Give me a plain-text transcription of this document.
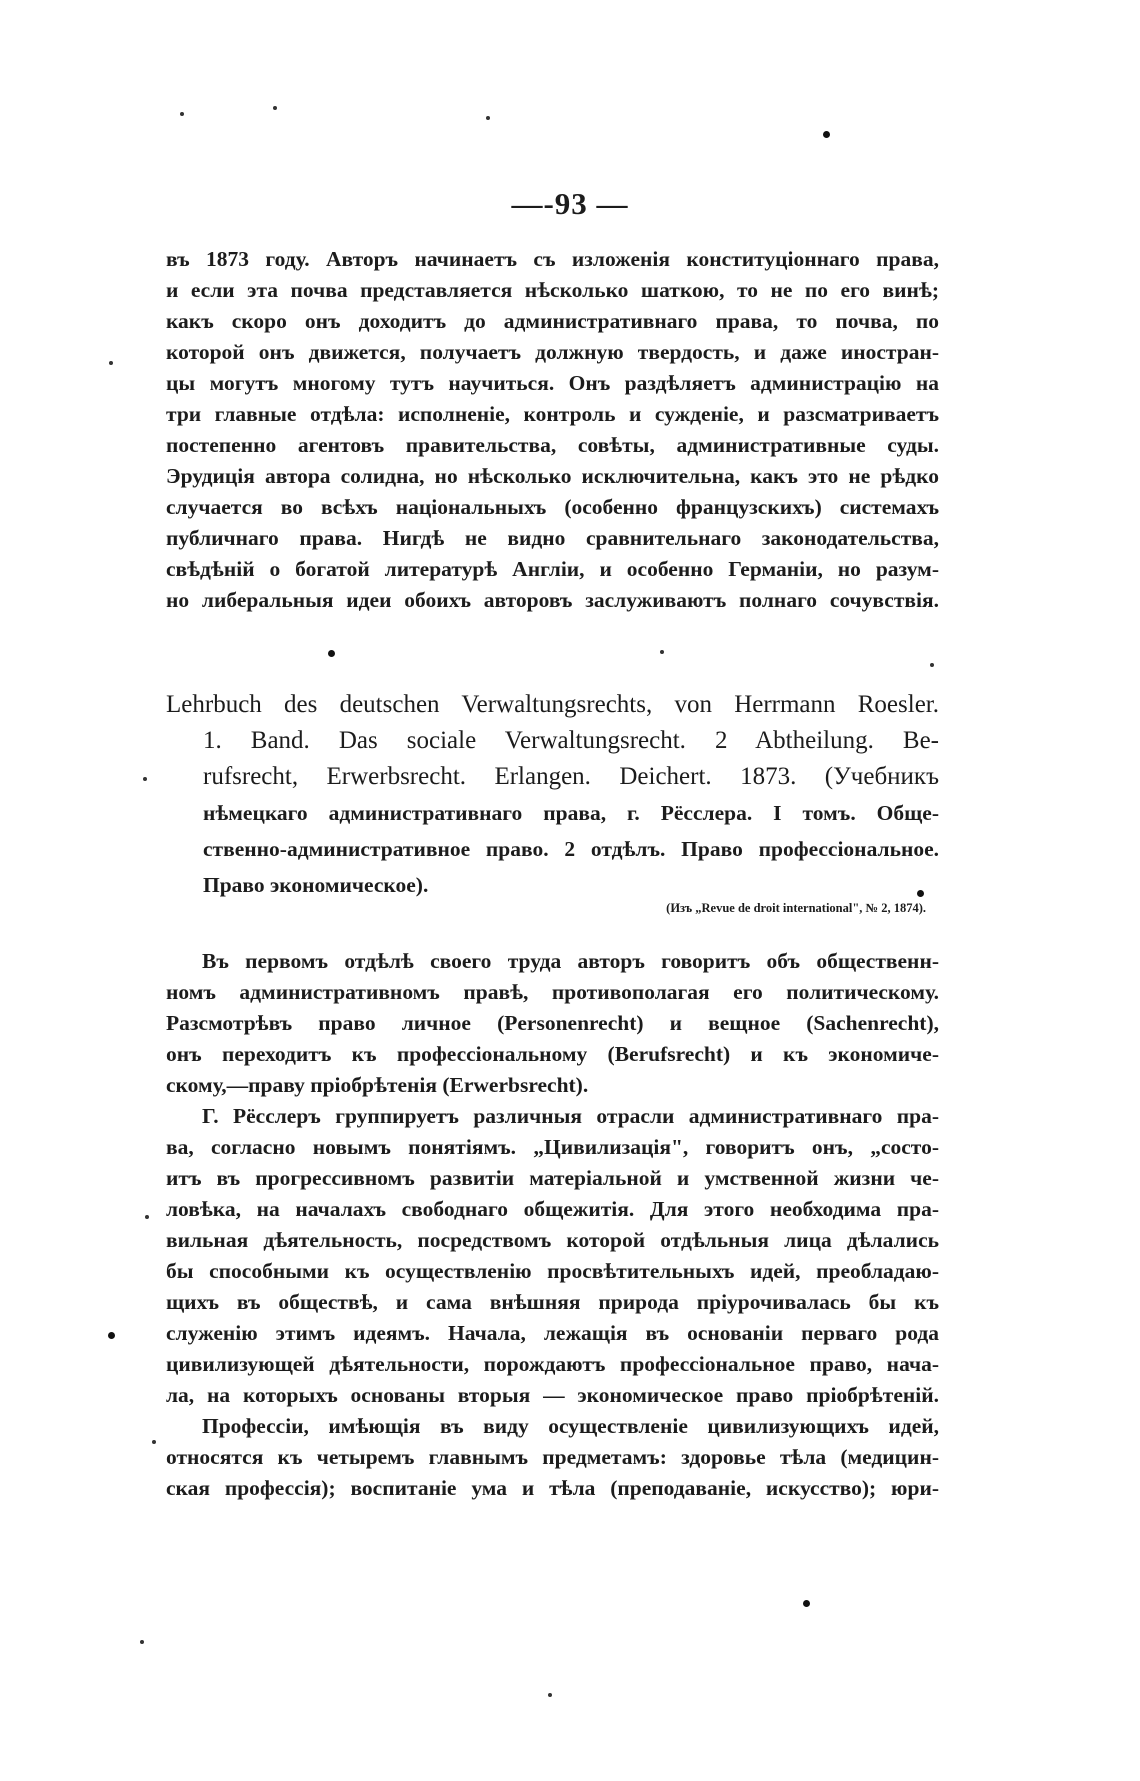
—-93 —
въ 1873 году. Авторъ начинаетъ съ изложенія конституціоннаго права,
и если эта почва представляется нѣсколько шаткою, то не по его винѣ;
какъ скоро онъ доходитъ до административнаго права, то почва, по
которой онъ движется, получаетъ должную твердость, и даже иностран-
цы могутъ многому тутъ научиться. Онъ раздѣляетъ администрацію на
три главные отдѣла: исполненіе, контроль и сужденіе, и разсматриваетъ
постепенно агентовъ правительства, совѣты, административные суды.
Эрудиція автора солидна, но нѣсколько исключительна, какъ это не рѣдко
случается во всѣхъ національныхъ (особенно французскихъ) системахъ
публичнаго права. Нигдѣ не видно сравнительнаго законодательства,
свѣдѣній о богатой литературѣ Англіи, и особенно Германіи, но разум-
но либеральныя идеи обоихъ авторовъ заслуживаютъ полнаго сочувствія.
Lehrbuch des deutschen Verwaltungsrechts, von Herrmann Roesler.
1. Band. Das sociale Verwaltungsrecht. 2 Abtheilung. Be-
rufsrecht, Erwerbsrecht. Erlangen. Deichert. 1873. (Учебникъ
нѣмецкаго административнаго права, г. Рёсслера. I томъ. Обще-
ственно-административное право. 2 отдѣлъ. Право профессіональное.
Право экономическое).
(Изъ „Revue de droit international", № 2, 1874).
Въ первомъ отдѣлѣ своего труда авторъ говоритъ объ общественн-
номъ административномъ правѣ, противополагая его политическому.
Разсмотрѣвъ право личное (Personenrecht) и вещное (Sachenrecht),
онъ переходитъ къ профессіональному (Berufsrecht) и къ экономиче-
скому,—праву пріобрѣтенія (Erwerbsrecht).
Г. Рёсслеръ группируетъ различныя отрасли административнаго пра-
ва, согласно новымъ понятіямъ. „Цивилизація", говоритъ онъ, „состо-
итъ въ прогрессивномъ развитіи матеріальной и умственной жизни че-
ловѣка, на началахъ свободнаго общежитія. Для этого необходима пра-
вильная дѣятельность, посредствомъ которой отдѣльныя лица дѣлались
бы способными къ осуществленію просвѣтительныхъ идей, преобладаю-
щихъ въ обществѣ, и сама внѣшняя природа пріурочивалась бы къ
служенію этимъ идеямъ. Начала, лежащія въ основаніи перваго рода
цивилизующей дѣятельности, порождаютъ профессіональное право, нача-
ла, на которыхъ основаны вторыя — экономическое право пріобрѣтеній.
Профессіи, имѣющія въ виду осуществленіе цивилизующихъ идей,
относятся къ четыремъ главнымъ предметамъ: здоровье тѣла (медицин-
ская профессія); воспитаніе ума и тѣла (преподаваніе, искусство); юри-
